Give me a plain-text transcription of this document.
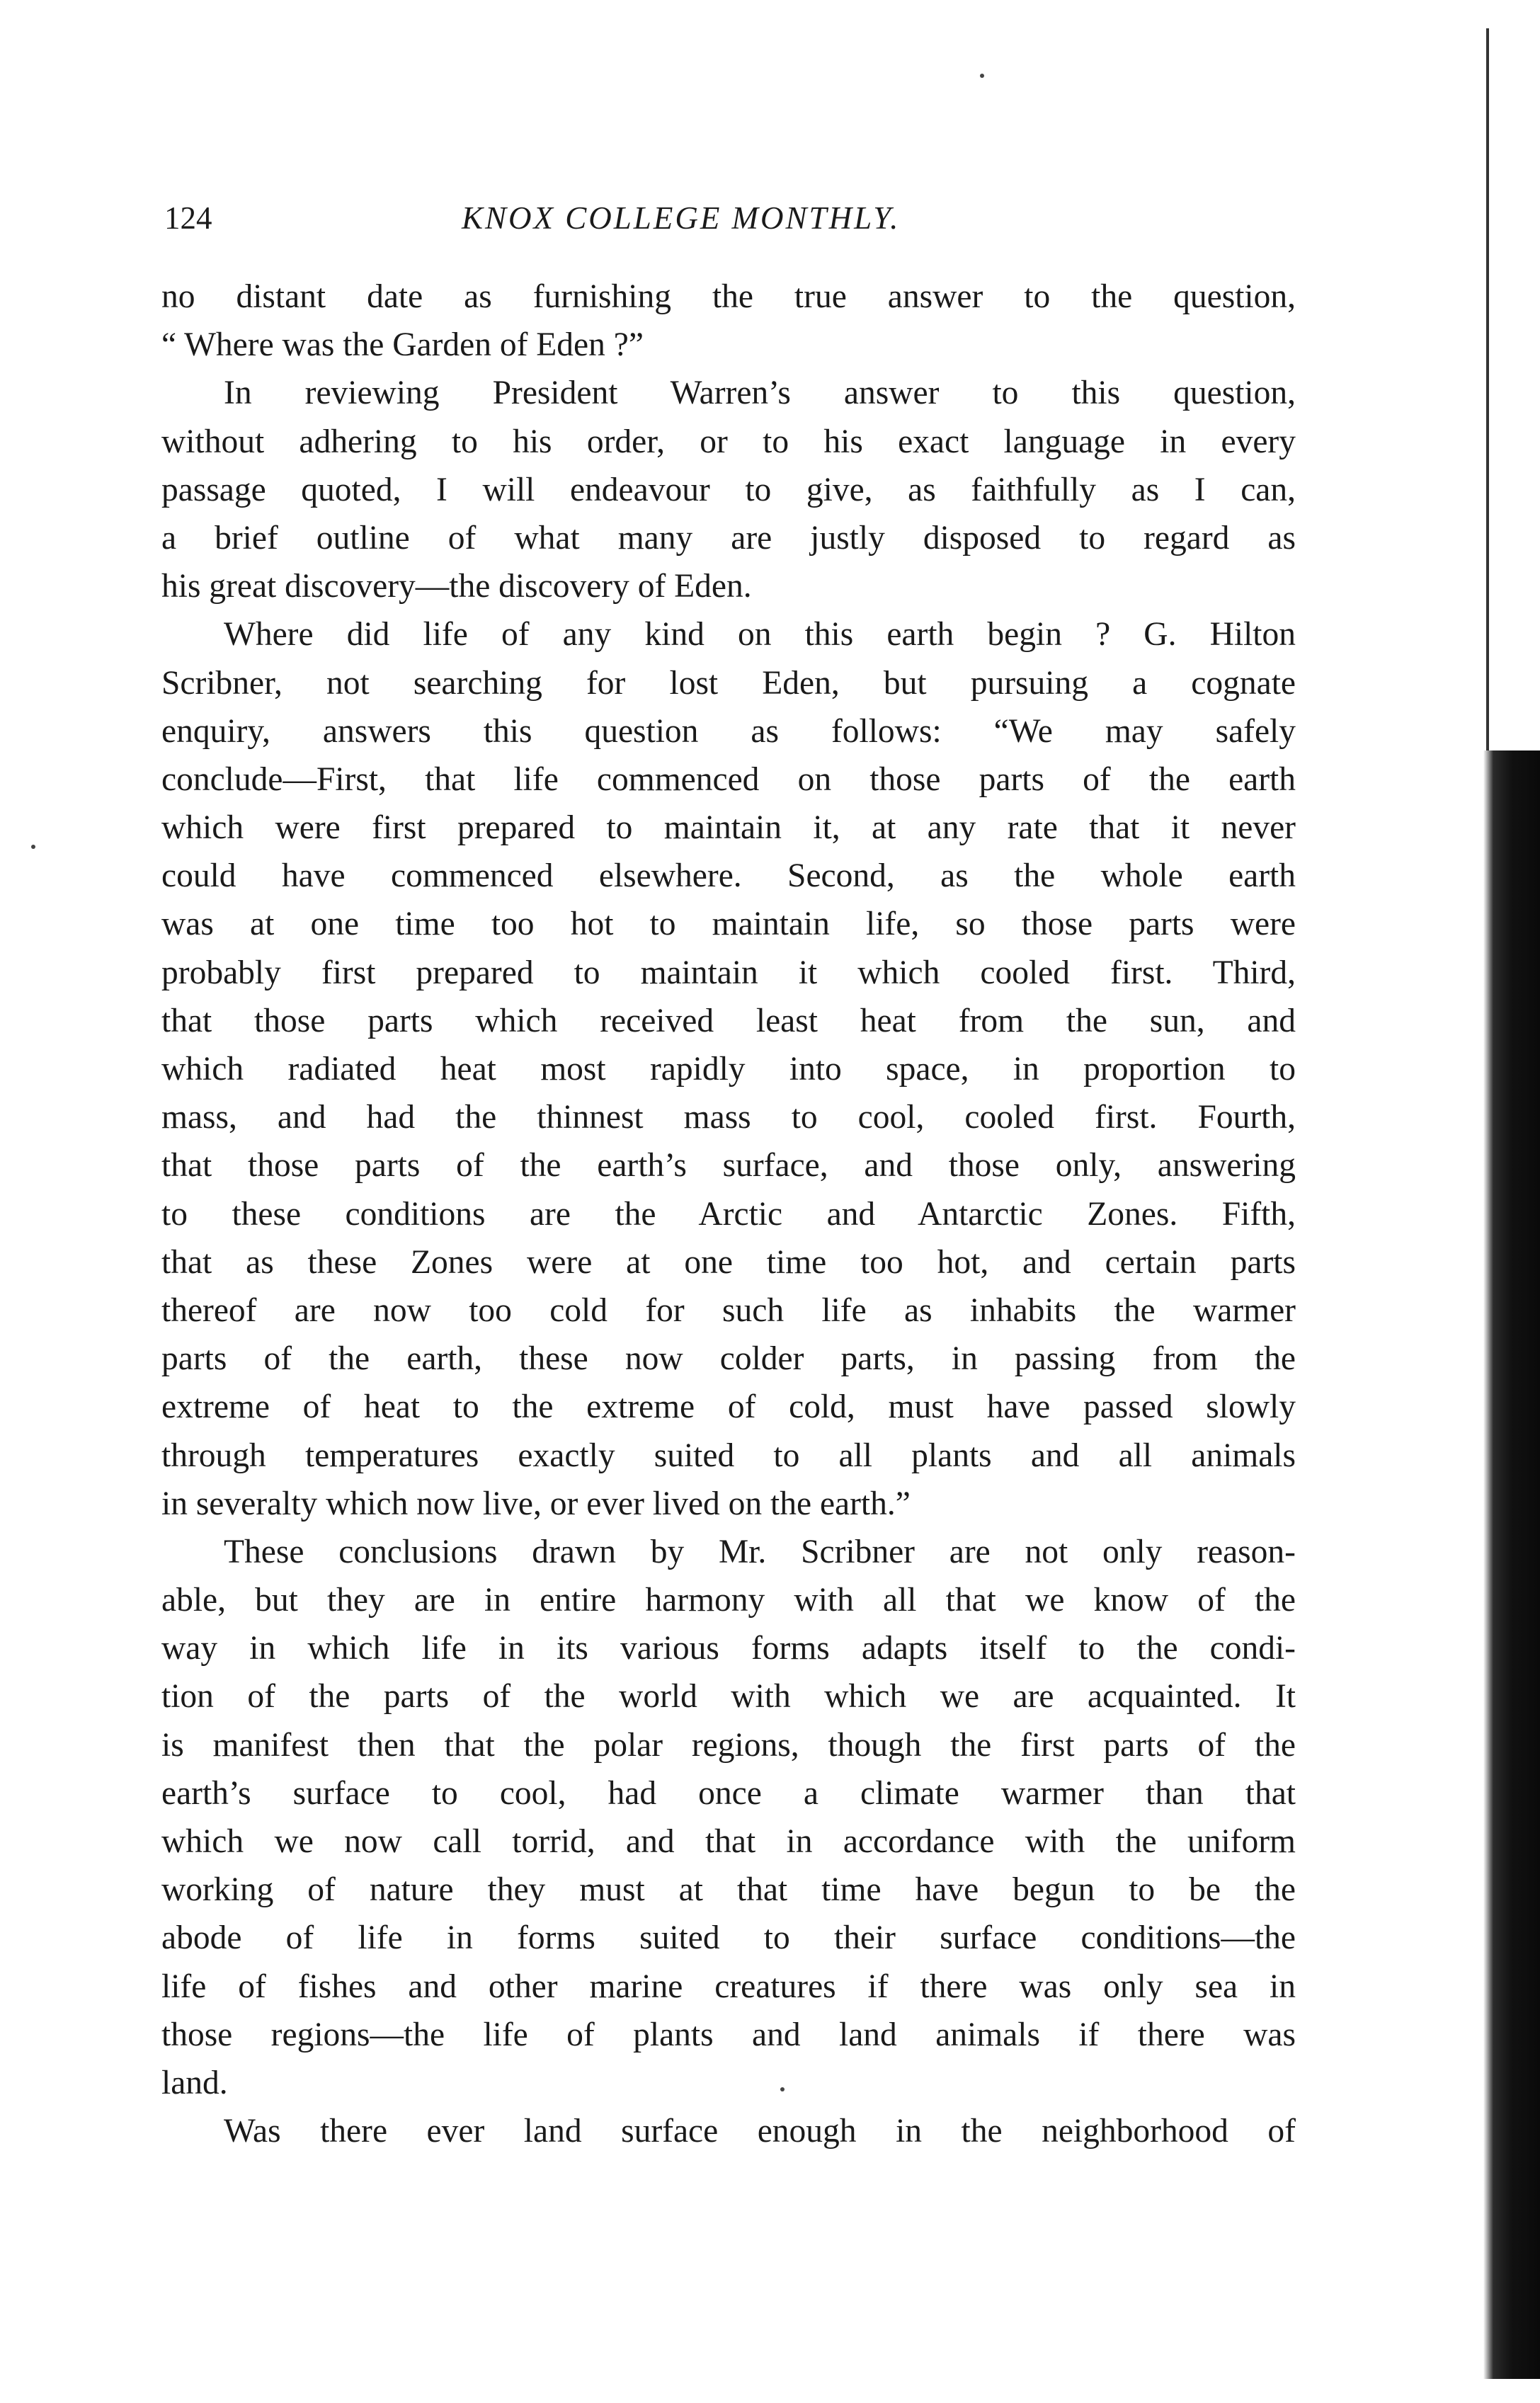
124	KNOX COLLEGE MONTHLY.
no distant date as furnishing the true answer to the question,
“ Where was the Garden of Eden ?”
In reviewing President Warren’s answer to this question,
without adhering to his order, or to his exact language in every
passage quoted, I will endeavour to give, as faithfully as I can,
a brief outline of what many are justly disposed to regard as
his great discovery—the discovery of Eden.
Where did life of any kind on this earth begin ? G. Hilton
Scribner, not searching for lost Eden, but pursuing a cognate
enquiry, answers this question as follows: “We may safely
conclude—First, that life commenced on those parts of the earth
which were first prepared to maintain it, at any rate that it never
could have commenced elsewhere. Second, as the whole earth
was at one time too hot to maintain life, so those parts were
probably first prepared to maintain it which cooled first. Third,
that those parts which received least heat from the sun, and
which radiated heat most rapidly into space, in proportion to
mass, and had the thinnest mass to cool, cooled first. Fourth,
that those parts of the earth’s surface, and those only, answering
to these conditions are the Arctic and Antarctic Zones. Fifth,
that as these Zones were at one time too hot, and certain parts
thereof are now too cold for such life as inhabits the warmer
parts of the earth, these now colder parts, in passing from the
extreme of heat to the extreme of cold, must have passed slowly
through temperatures exactly suited to all plants and all animals
in severalty which now live, or ever lived on the earth.”
These conclusions drawn by Mr. Scribner are not only reason-
able, but they are in entire harmony with all that we know of the
way in which life in its various forms adapts itself to the condi-
tion of the parts of the world with which we are acquainted. It
is manifest then that the polar regions, though the first parts of the
earth’s surface to cool, had once a climate warmer than that
which we now call torrid, and that in accordance with the uniform
working of nature they must at that time have begun to be the
abode of life in forms suited to their surface conditions—the
life of fishes and other marine creatures if there was only sea in
those regions—the life of plants and land animals if there was
land.
Was there ever land surface enough in the neighborhood of
